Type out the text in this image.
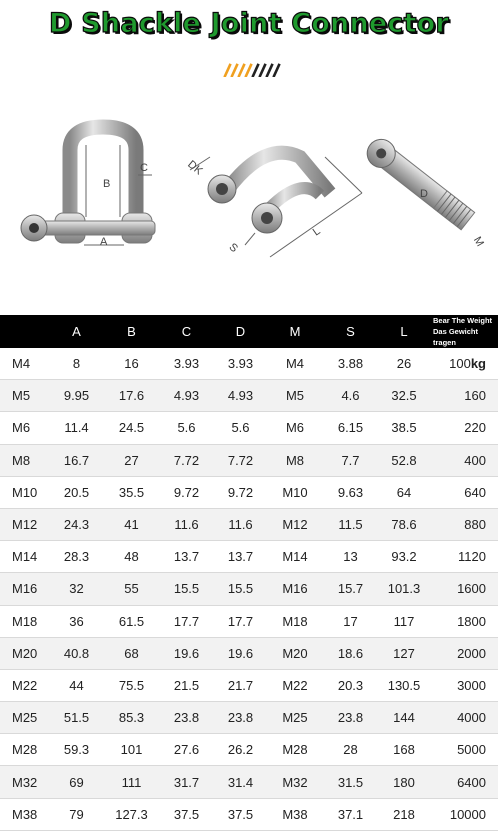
D Shackle Joint Connector
B
C
A
DK
S
L
D
M
	A	B	C	D	M	S	L	Bear The Weight
Das Gewicht tragen

M4	8	16	3.93	3.93	M4	3.88	26	100kg
M5	9.95	17.6	4.93	4.93	M5	4.6	32.5	160
M6	11.4	24.5	5.6	5.6	M6	6.15	38.5	220
M8	16.7	27	7.72	7.72	M8	7.7	52.8	400
M10	20.5	35.5	9.72	9.72	M10	9.63	64	640
M12	24.3	41	11.6	11.6	M12	11.5	78.6	880
M14	28.3	48	13.7	13.7	M14	13	93.2	1120
M16	32	55	15.5	15.5	M16	15.7	101.3	1600
M18	36	61.5	17.7	17.7	M18	17	117	1800
M20	40.8	68	19.6	19.6	M20	18.6	127	2000
M22	44	75.5	21.5	21.7	M22	20.3	130.5	3000
M25	51.5	85.3	23.8	23.8	M25	23.8	144	4000
M28	59.3	101	27.6	26.2	M28	28	168	5000
M32	69	111	31.7	31.4	M32	31.5	180	6400
M38	79	127.3	37.5	37.5	M38	37.1	218	10000
